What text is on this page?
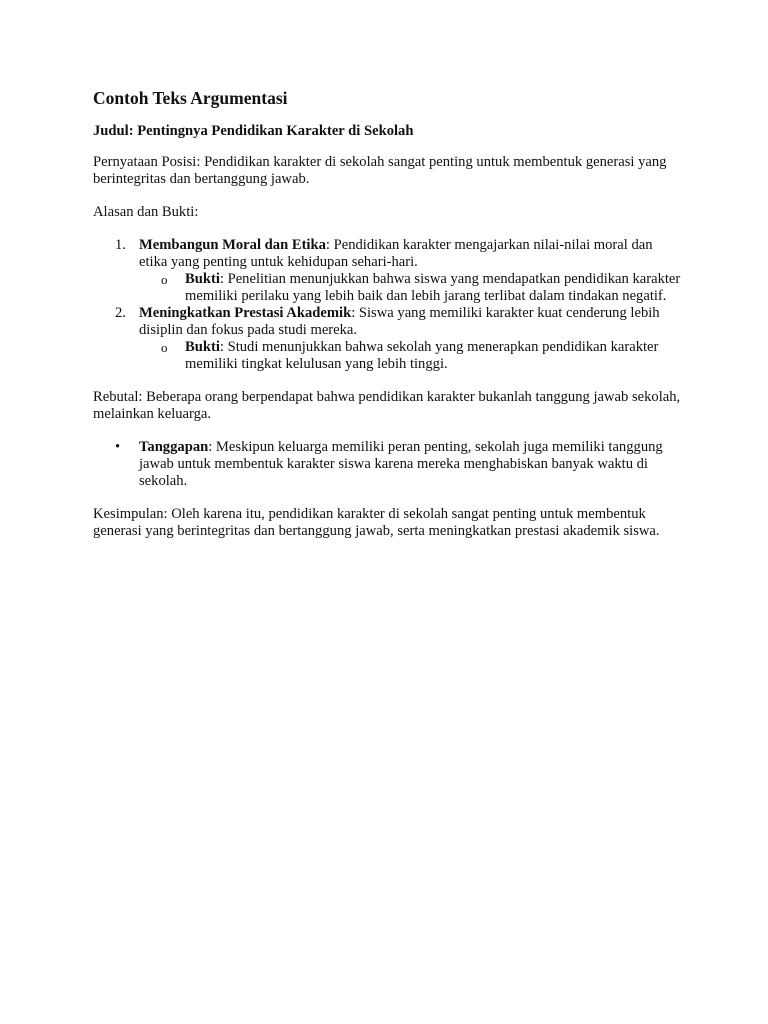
Contoh Teks Argumentasi
Judul: Pentingnya Pendidikan Karakter di Sekolah

Pernyataan Posisi: Pendidikan karakter di sekolah sangat penting untuk membentuk generasi yang berintegritas dan bertanggung jawab.

Alasan dan Bukti:

1. Membangun Moral dan Etika: Pendidikan karakter mengajarkan nilai-nilai moral dan etika yang penting untuk kehidupan sehari-hari.
o Bukti: Penelitian menunjukkan bahwa siswa yang mendapatkan pendidikan karakter memiliki perilaku yang lebih baik dan lebih jarang terlibat dalam tindakan negatif.
2. Meningkatkan Prestasi Akademik: Siswa yang memiliki karakter kuat cenderung lebih disiplin dan fokus pada studi mereka.
o Bukti: Studi menunjukkan bahwa sekolah yang menerapkan pendidikan karakter memiliki tingkat kelulusan yang lebih tinggi.

Rebutal: Beberapa orang berpendapat bahwa pendidikan karakter bukanlah tanggung jawab sekolah, melainkan keluarga.

• Tanggapan: Meskipun keluarga memiliki peran penting, sekolah juga memiliki tanggung jawab untuk membentuk karakter siswa karena mereka menghabiskan banyak waktu di sekolah.

Kesimpulan: Oleh karena itu, pendidikan karakter di sekolah sangat penting untuk membentuk generasi yang berintegritas dan bertanggung jawab, serta meningkatkan prestasi akademik siswa.
